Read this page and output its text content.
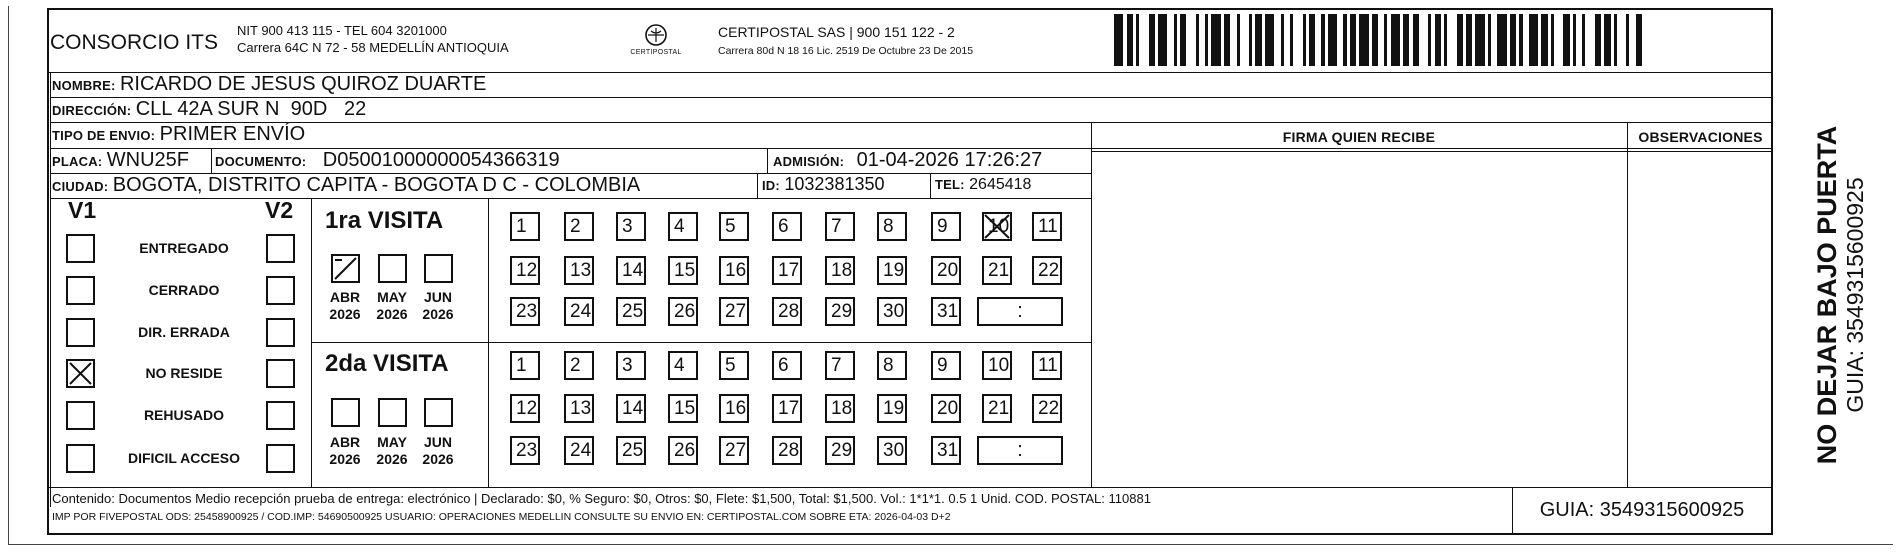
CONSORCIO ITS
NIT 900 413 115 - TEL 604 3201000
Carrera 64C N 72 - 58 MEDELLÍN ANTIOQUIA	CERTIPOSTAL
CERTIPOSTAL SAS | 900 151 122 - 2
Carrera 80d N 18 16 Lic. 2519 De Octubre 23 De 2015
NOMBRE: RICARDO DE JESUS QUIROZ DUARTE
DIRECCIÓN: CLL 42A SUR N  90D   22
TIPO DE ENVIO: PRIMER ENVÍO
PLACA: WNU25F DOCUMENTO: D05001000000054366319	ADMISIÓN: 01-04-2026 17:26:27
CIUDAD: BOGOTA, DISTRITO CAPITA - BOGOTA D C - COLOMBIA	ID: 1032381350	TEL: 2645418
FIRMA QUIEN RECIBE	OBSERVACIONES
V1	V2
ENTREGADO
CERRADO
DIR. ERRADA
NO RESIDE
REHUSADO
DIFICIL ACCESO
1ra VISITA
ABR
2026
MAY
2026
JUN
2026
1	2	3	4	5	6	7	8	9	10	11
12	13	14	15	16	17	18	19	20	21	22
23	24	25	26	27	28	29	30	31	:
2da VISITA
ABR
2026
MAY
2026
JUN
2026
1	2	3	4	5	6	7	8	9	10	11
12	13	14	15	16	17	18	19	20	21	22
23	24	25	26	27	28	29	30	31	:
Contenido: Documentos Medio recepción prueba de entrega: electrónico | Declarado: $0, % Seguro: $0, Otros: $0, Flete: $1,500, Total: $1,500. Vol.: 1*1*1. 0.5 1 Unid. COD. POSTAL: 110881
IMP POR FIVEPOSTAL ODS: 25458900925 / COD.IMP: 54690500925 USUARIO: OPERACIONES MEDELLIN CONSULTE SU ENVIO EN: CERTIPOSTAL.COM SOBRE ETA: 2026-04-03 D+2	GUIA: 3549315600925
NO DEJAR BAJO PUERTA GUIA: 3549315600925
